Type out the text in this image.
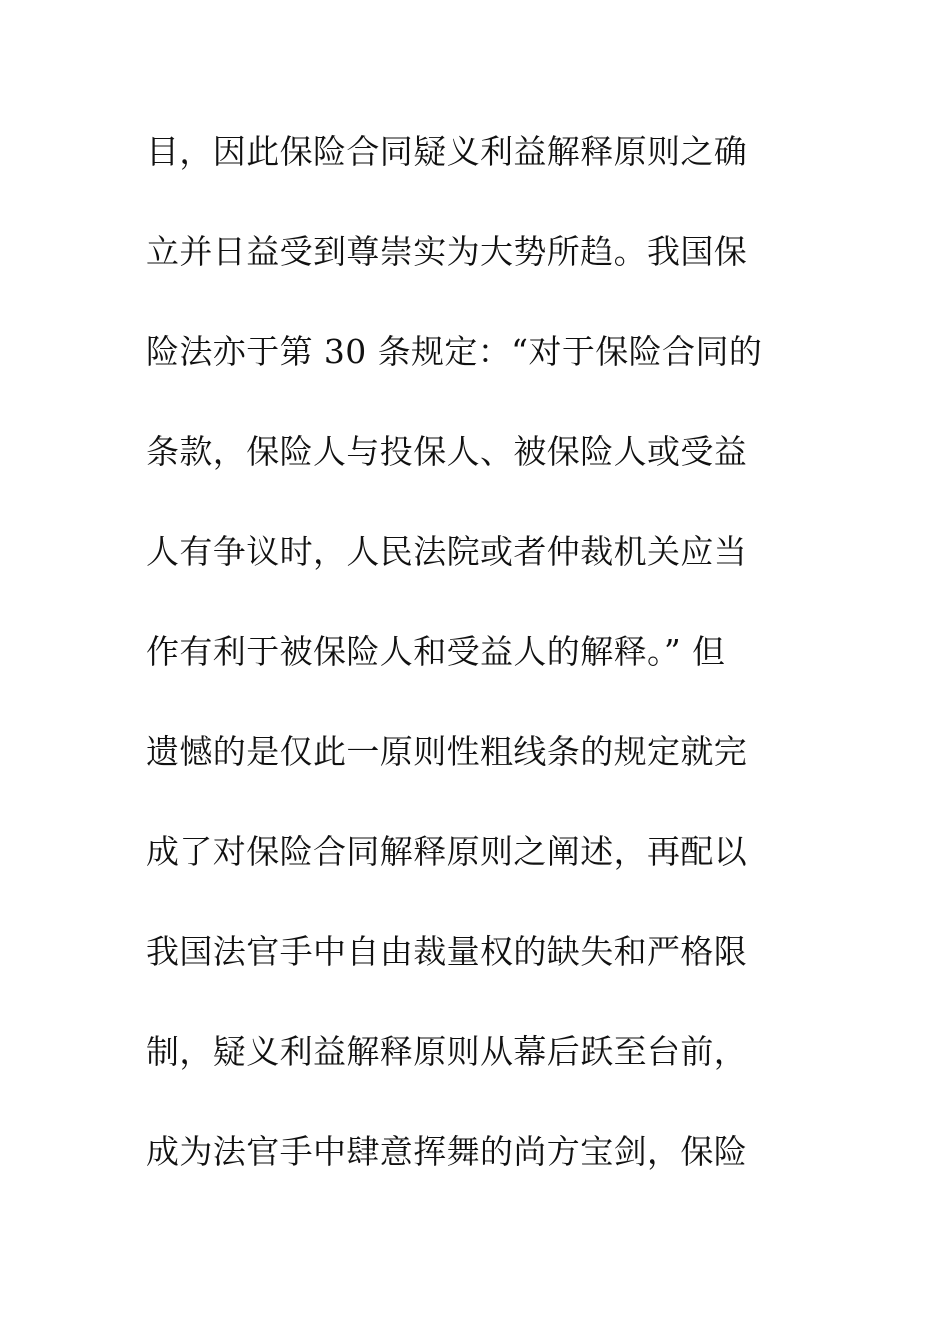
目，因此保险合同疑义利益解释原则之确
立并日益受到尊崇实为大势所趋。我国保
险法亦于第 30 条规定：“对于保险合同的
条款，保险人与投保人、被保险人或受益
人有争议时，人民法院或者仲裁机关应当
作有利于被保险人和受益人的解释。” 但
遗憾的是仅此一原则性粗线条的规定就完
成了对保险合同解释原则之阐述，再配以
我国法官手中自由裁量权的缺失和严格限
制，疑义利益解释原则从幕后跃至台前，
成为法官手中肆意挥舞的尚方宝剑，保险
